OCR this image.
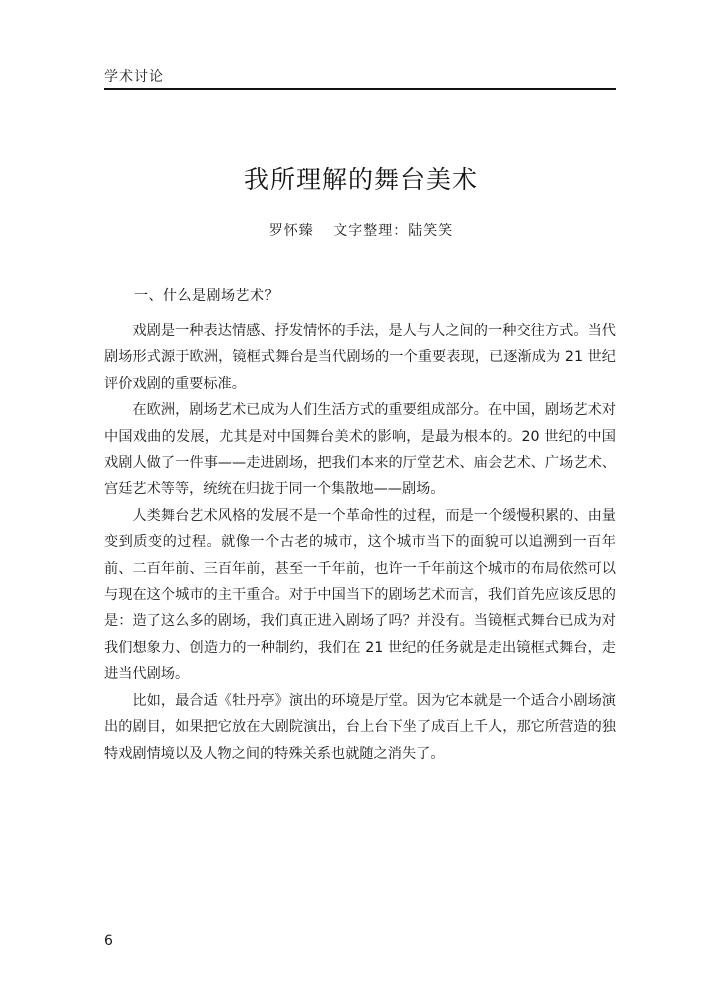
学术讨论
我所理解的舞台美术
罗怀臻 文字整理：陆笑笑
一、什么是剧场艺术？

戏剧是一种表达情感、抒发情怀的手法，是人与人之间的一种交往方式。当代剧场形式源于欧洲，镜框式舞台是当代剧场的一个重要表现，已逐渐成为 21 世纪评价戏剧的重要标准。

在欧洲，剧场艺术已成为人们生活方式的重要组成部分。在中国，剧场艺术对中国戏曲的发展，尤其是对中国舞台美术的影响，是最为根本的。20 世纪的中国戏剧人做了一件事——走进剧场，把我们本来的厅堂艺术、庙会艺术、广场艺术、宫廷艺术等等，统统在归拢于同一个集散地——剧场。

人类舞台艺术风格的发展不是一个革命性的过程，而是一个缓慢积累的、由量变到质变的过程。就像一个古老的城市，这个城市当下的面貌可以追溯到一百年前、二百年前、三百年前，甚至一千年前，也许一千年前这个城市的布局依然可以与现在这个城市的主干重合。对于中国当下的剧场艺术而言，我们首先应该反思的是：造了这么多的剧场，我们真正进入剧场了吗？并没有。当镜框式舞台已成为对我们想象力、创造力的一种制约，我们在 21 世纪的任务就是走出镜框式舞台，走进当代剧场。

比如，最合适《牡丹亭》演出的环境是厅堂。因为它本就是一个适合小剧场演出的剧目，如果把它放在大剧院演出，台上台下坐了成百上千人，那它所营造的独特戏剧情境以及人物之间的特殊关系也就随之消失了。

6
